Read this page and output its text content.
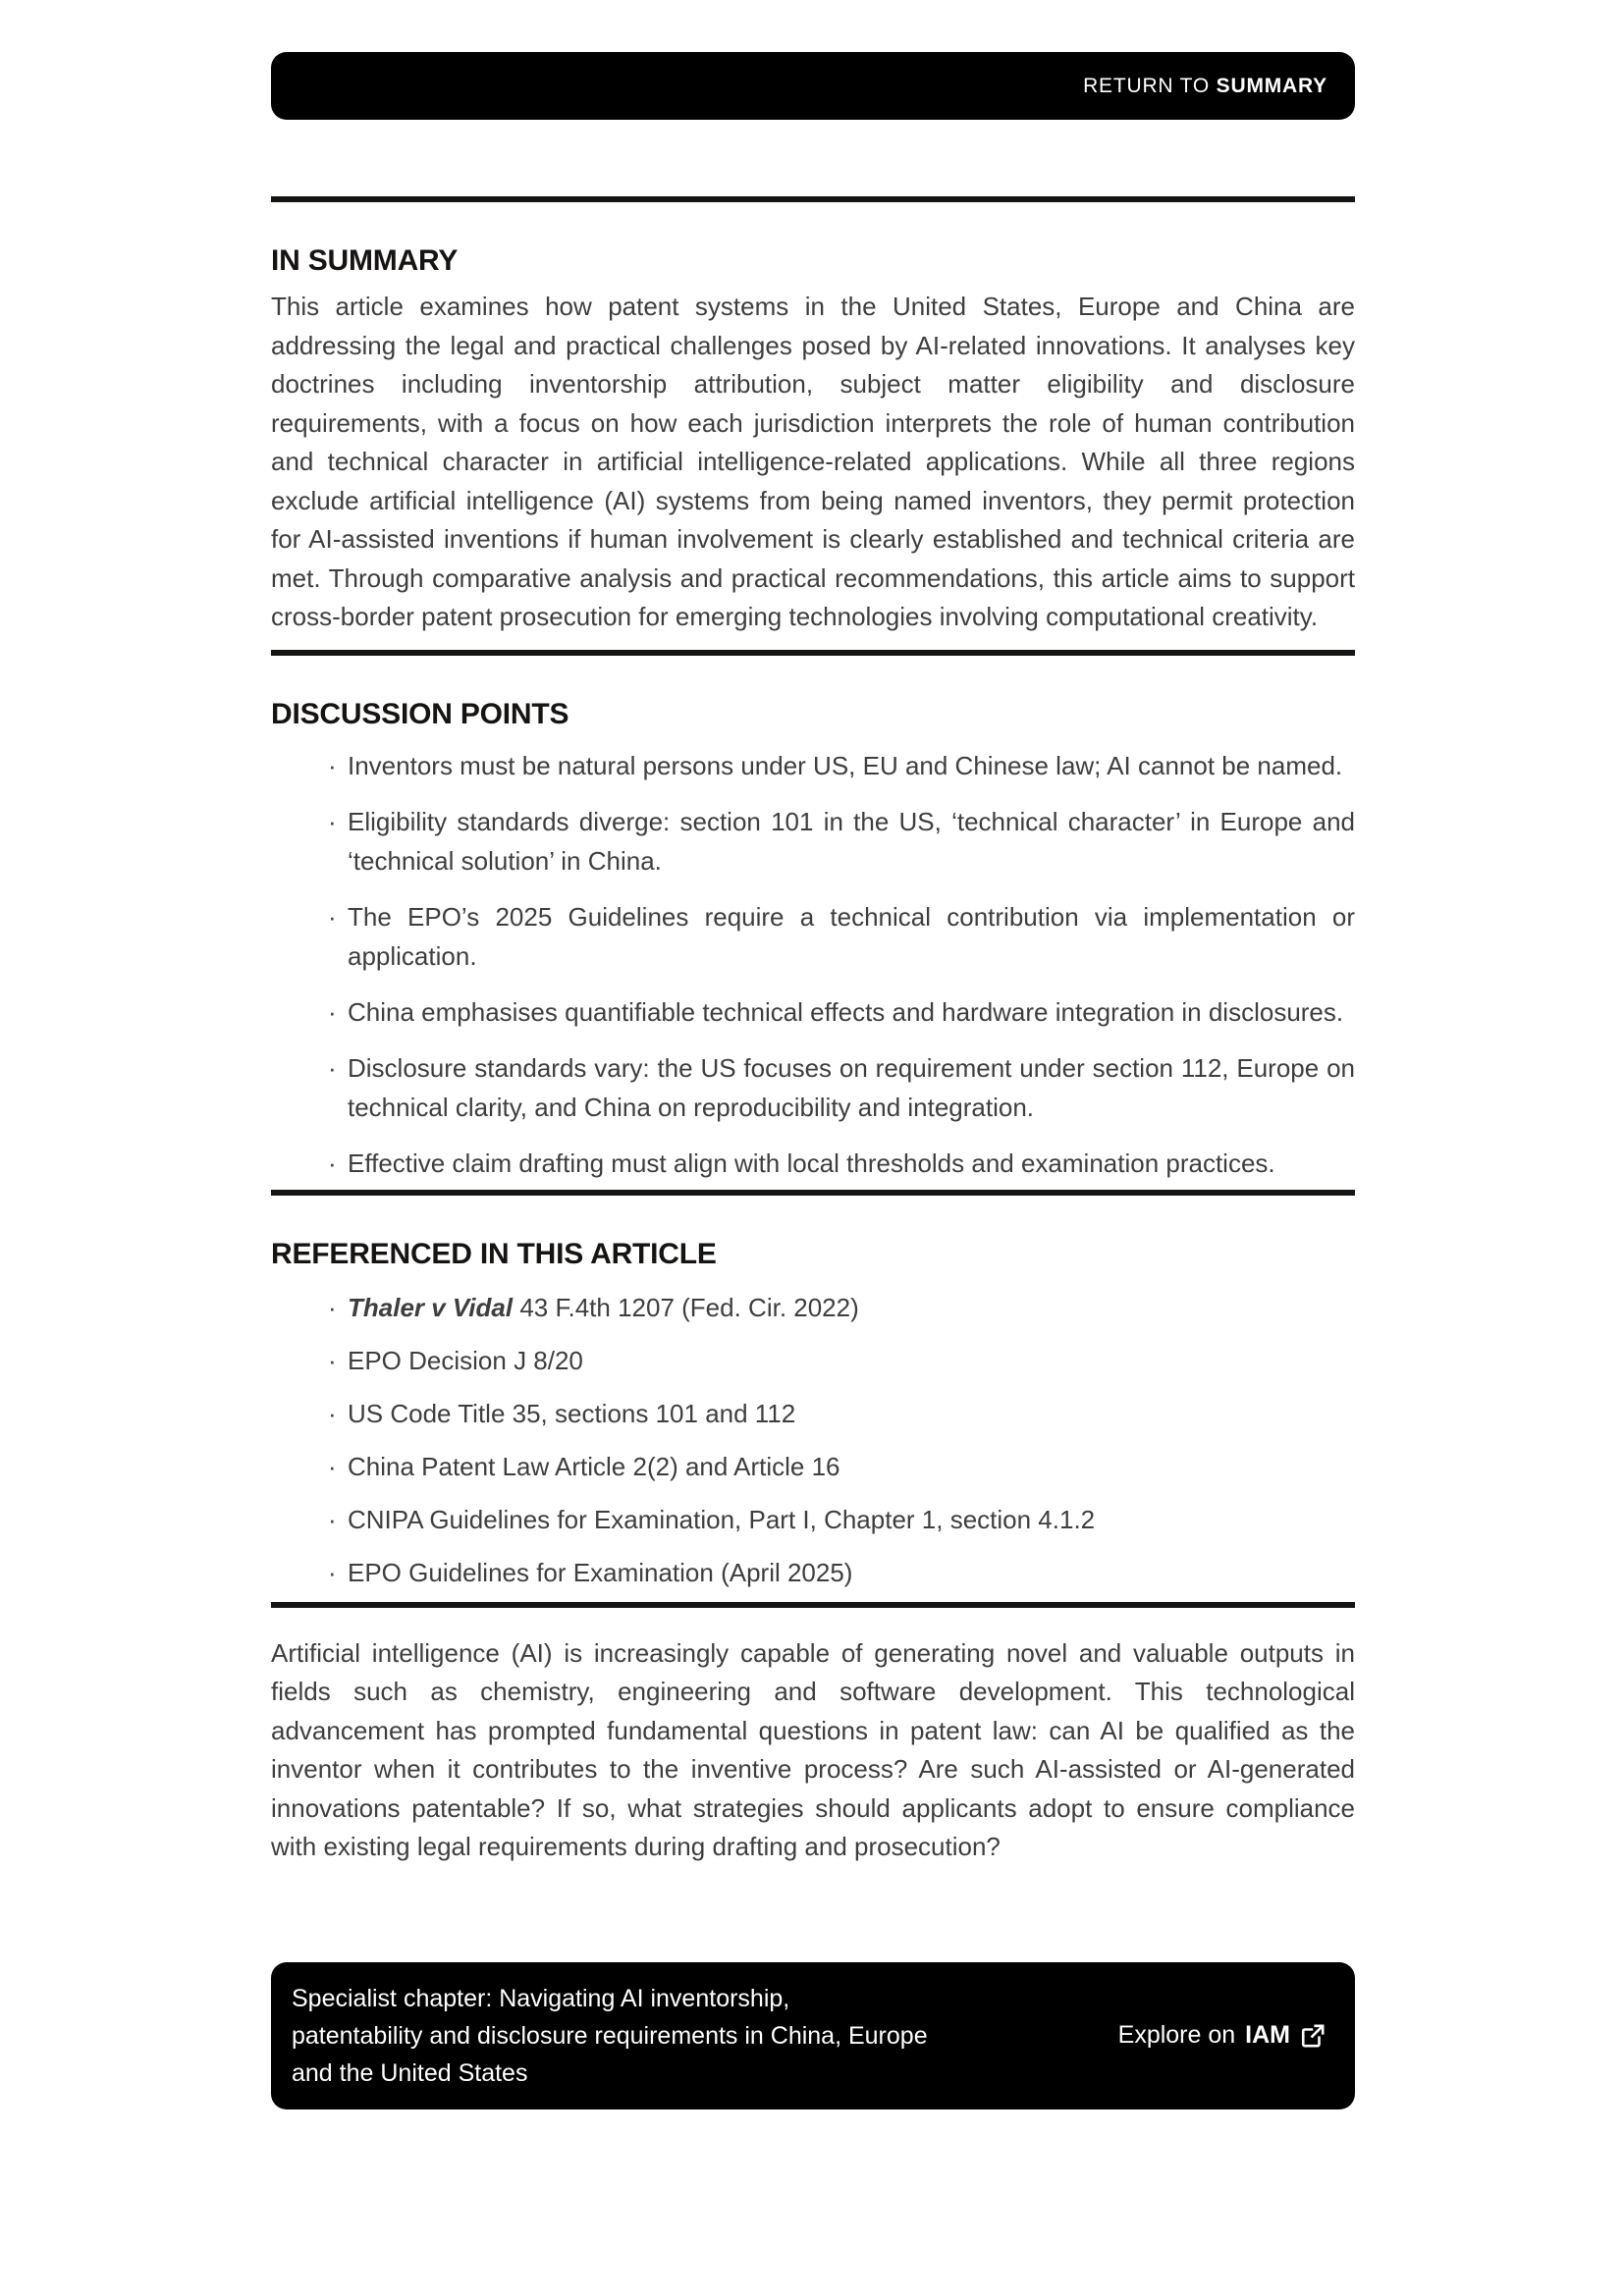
RETURN TO SUMMARY
IN SUMMARY

This article examines how patent systems in the United States, Europe and China are addressing the legal and practical challenges posed by AI-related innovations. It analyses key doctrines including inventorship attribution, subject matter eligibility and disclosure requirements, with a focus on how each jurisdiction interprets the role of human contribution and technical character in artificial intelligence-related applications. While all three regions exclude artificial intelligence (AI) systems from being named inventors, they permit protection for AI-assisted inventions if human involvement is clearly established and technical criteria are met. Through comparative analysis and practical recommendations, this article aims to support cross-border patent prosecution for emerging technologies involving computational creativity.

DISCUSSION POINTS
· Inventors must be natural persons under US, EU and Chinese law; AI cannot be named.
· Eligibility standards diverge: section 101 in the US, ‘technical character’ in Europe and ‘technical solution’ in China.
· The EPO’s 2025 Guidelines require a technical contribution via implementation or application.
· China emphasises quantifiable technical effects and hardware integration in disclosures.
· Disclosure standards vary: the US focuses on requirement under section 112, Europe on technical clarity, and China on reproducibility and integration.
· Effective claim drafting must align with local thresholds and examination practices.
REFERENCED IN THIS ARTICLE
· Thaler v Vidal 43 F.4th 1207 (Fed. Cir. 2022)
· EPO Decision J 8/20
· US Code Title 35, sections 101 and 112
· China Patent Law Article 2(2) and Article 16
· CNIPA Guidelines for Examination, Part I, Chapter 1, section 4.1.2
· EPO Guidelines for Examination (April 2025)

Artificial intelligence (AI) is increasingly capable of generating novel and valuable outputs in fields such as chemistry, engineering and software development. This technological advancement has prompted fundamental questions in patent law: can AI be qualified as the inventor when it contributes to the inventive process? Are such AI-assisted or AI-generated innovations patentable? If so, what strategies should applicants adopt to ensure compliance with existing legal requirements during drafting and prosecution?

Specialist chapter: Navigating AI inventorship,
patentability and disclosure requirements in China, Europe
and the United States
Explore on IAM
